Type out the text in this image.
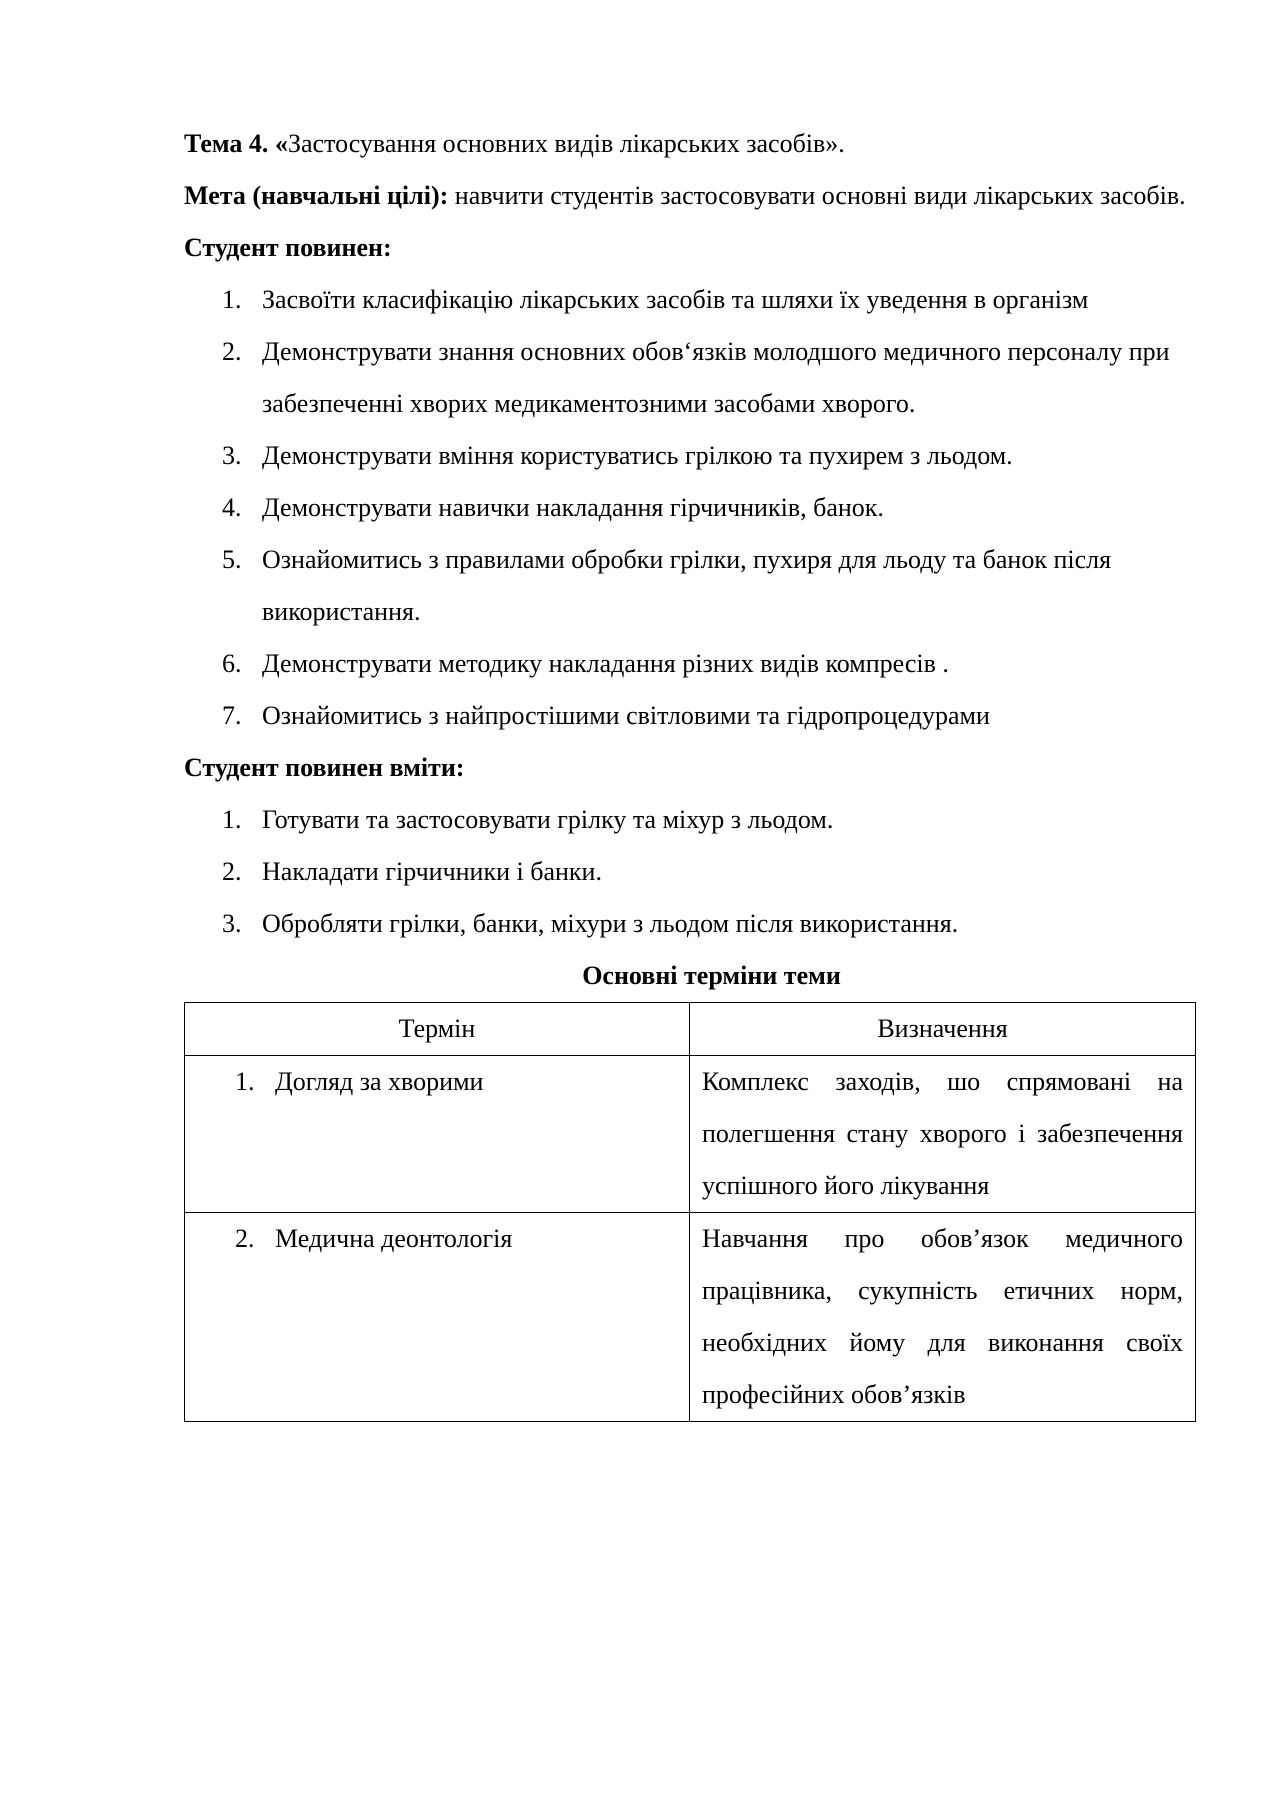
Тема 4. «Застосування основних видів лікарських засобів».

Мета (навчальні цілі): навчити студентів застосовувати основні види лікарських засобів.

Студент повинен:

1. Засвоїти класифікацію лікарських засобів та шляхи їх уведення в організм
2. Демонструвати знання основних обов‘язків молодшого медичного персоналу при забезпеченні хворих медикаментозними засобами хворого.
3. Демонструвати вміння користуватись грілкою та пухирем з льодом.
4. Демонструвати навички накладання гірчичників, банок.
5. Ознайомитись з правилами обробки грілки, пухиря для льоду та банок після використання.
6. Демонструвати методику накладання різних видів компресів .
7. Ознайомитись з найпростішими світловими та гідропроцедурами

Студент повинен вміти:

1. Готувати та застосовувати грілку та міхур з льодом.
2. Накладати гірчичники і банки.
3. Обробляти грілки, банки, міхури з льодом після використання.

Основні терміни теми

Термін	Визначення

1. Догляд за хворими	Комплекс заходів, шо спрямовані на полегшення стану хворого і забезпечення успішного його лікування

2. Медична деонтологія	Навчання про обов’язок медичного працівника, сукупність етичних норм, необхідних йому для виконання своїх професійних обов’язків
